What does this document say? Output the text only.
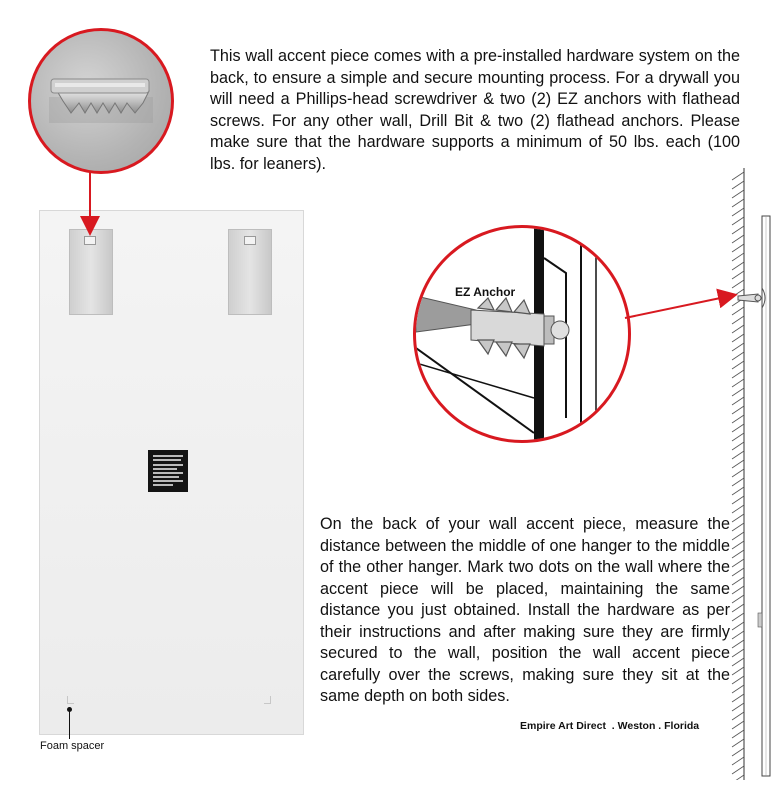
This wall accent piece comes with a pre-installed hardware system on the back, to ensure a simple and secure mounting process. For a drywall you will need a Phillips-head screwdriver & two (2) EZ anchors with flathead screws. For any other wall, Drill Bit & two (2) flathead anchors. Please make sure that the hardware supports a minimum of 50 lbs. each (100 lbs. for leaners).
Foam spacer
EZ Anchor
On the back of your wall accent piece, measure the distance between the middle of one hanger to the middle of the other hanger. Mark two dots on the wall where the accent piece will be placed, maintaining the same distance you just obtained. Install the hardware as per their instructions and after making sure they are firmly secured to the wall, position the wall accent piece carefully over the screws, making sure they sit at the same depth on both sides.
Empire Art Direct  . Weston . Florida
